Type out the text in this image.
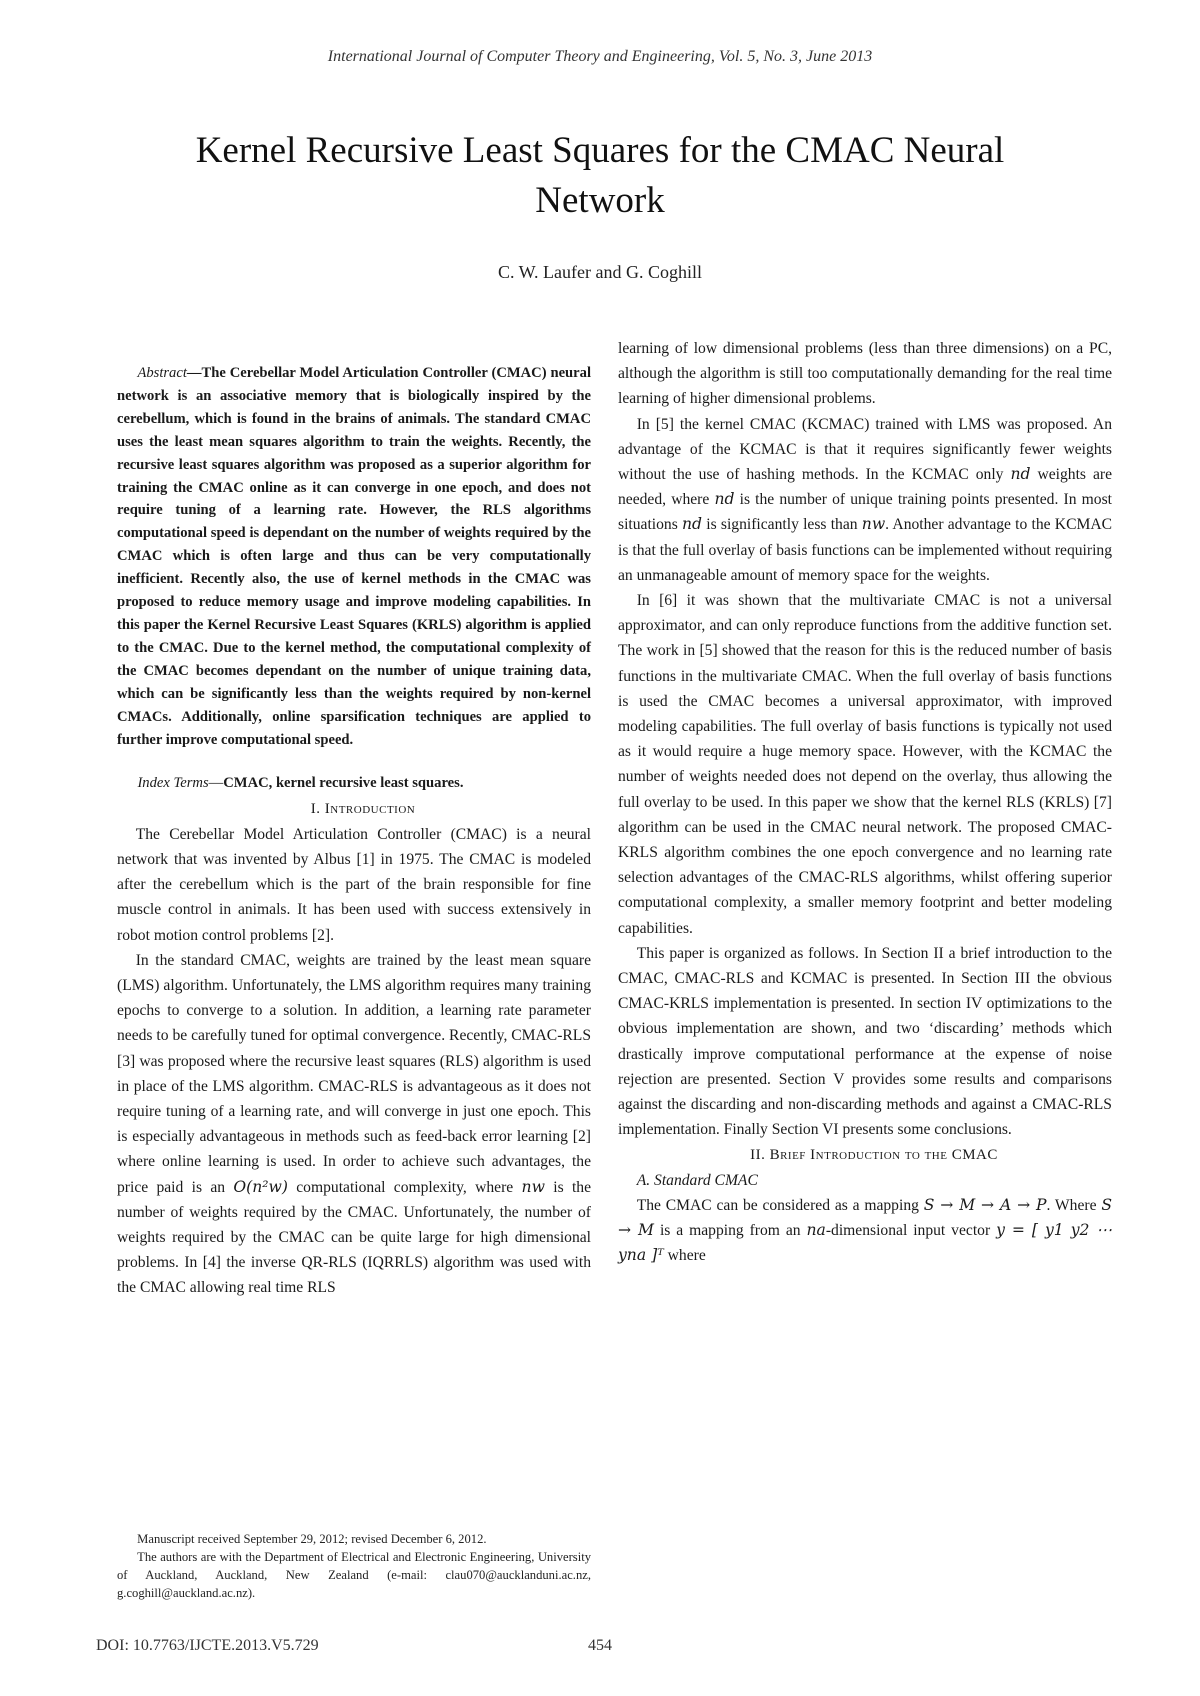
International Journal of Computer Theory and Engineering, Vol. 5, No. 3, June 2013
Kernel Recursive Least Squares for the CMAC Neural Network
C. W. Laufer and G. Coghill

Abstract—The Cerebellar Model Articulation Controller (CMAC) neural network is an associative memory that is biologically inspired by the cerebellum, which is found in the brains of animals. The standard CMAC uses the least mean squares algorithm to train the weights. Recently, the recursive least squares algorithm was proposed as a superior algorithm for training the CMAC online as it can converge in one epoch, and does not require tuning of a learning rate. However, the RLS algorithms computational speed is dependant on the number of weights required by the CMAC which is often large and thus can be very computationally inefficient. Recently also, the use of kernel methods in the CMAC was proposed to reduce memory usage and improve modeling capabilities. In this paper the Kernel Recursive Least Squares (KRLS) algorithm is applied to the CMAC. Due to the kernel method, the computational complexity of the CMAC becomes dependant on the number of unique training data, which can be significantly less than the weights required by non-kernel CMACs. Additionally, online sparsification techniques are applied to further improve computational speed.

Index Terms—CMAC, kernel recursive least squares.

I. Introduction

The Cerebellar Model Articulation Controller (CMAC) is a neural network that was invented by Albus [1] in 1975. The CMAC is modeled after the cerebellum which is the part of the brain responsible for fine muscle control in animals. It has been used with success extensively in robot motion control problems [2].

In the standard CMAC, weights are trained by the least mean square (LMS) algorithm. Unfortunately, the LMS algorithm requires many training epochs to converge to a solution. In addition, a learning rate parameter needs to be carefully tuned for optimal convergence. Recently, CMAC-RLS [3] was proposed where the recursive least squares (RLS) algorithm is used in place of the LMS algorithm. CMAC-RLS is advantageous as it does not require tuning of a learning rate, and will converge in just one epoch. This is especially advantageous in methods such as feed-back error learning [2] where online learning is used. In order to achieve such advantages, the price paid is an O(n²w) computational complexity, where nw is the number of weights required by the CMAC. Unfortunately, the number of weights required by the CMAC can be quite large for high dimensional problems. In [4] the inverse QR-RLS (IQRRLS) algorithm was used with the CMAC allowing real time RLS

learning of low dimensional problems (less than three dimensions) on a PC, although the algorithm is still too computationally demanding for the real time learning of higher dimensional problems.

In [5] the kernel CMAC (KCMAC) trained with LMS was proposed. An advantage of the KCMAC is that it requires significantly fewer weights without the use of hashing methods. In the KCMAC only nd weights are needed, where nd is the number of unique training points presented. In most situations nd is significantly less than nw. Another advantage to the KCMAC is that the full overlay of basis functions can be implemented without requiring an unmanageable amount of memory space for the weights.

In [6] it was shown that the multivariate CMAC is not a universal approximator, and can only reproduce functions from the additive function set. The work in [5] showed that the reason for this is the reduced number of basis functions in the multivariate CMAC. When the full overlay of basis functions is used the CMAC becomes a universal approximator, with improved modeling capabilities. The full overlay of basis functions is typically not used as it would require a huge memory space. However, with the KCMAC the number of weights needed does not depend on the overlay, thus allowing the full overlay to be used. In this paper we show that the kernel RLS (KRLS) [7] algorithm can be used in the CMAC neural network. The proposed CMAC-KRLS algorithm combines the one epoch convergence and no learning rate selection advantages of the CMAC-RLS algorithms, whilst offering superior computational complexity, a smaller memory footprint and better modeling capabilities.

This paper is organized as follows. In Section II a brief introduction to the CMAC, CMAC-RLS and KCMAC is presented. In Section III the obvious CMAC-KRLS implementation is presented. In section IV optimizations to the obvious implementation are shown, and two ‘discarding’ methods which drastically improve computational performance at the expense of noise rejection are presented. Section V provides some results and comparisons against the discarding and non-discarding methods and against a CMAC-RLS implementation. Finally Section VI presents some conclusions.

II. Brief Introduction to the CMAC

A. Standard CMAC

The CMAC can be considered as a mapping S → M → A → P. Where S → M is a mapping from an na-dimensional input vector y = [ y1 y2 ⋯ yna ]ᵀ where

Manuscript received September 29, 2012; revised December 6, 2012.

The authors are with the Department of Electrical and Electronic Engineering, University of Auckland, Auckland, New Zealand (e-mail: clau070@aucklanduni.ac.nz, g.coghill@auckland.ac.nz).

DOI: 10.7763/IJCTE.2013.V5.729	454
